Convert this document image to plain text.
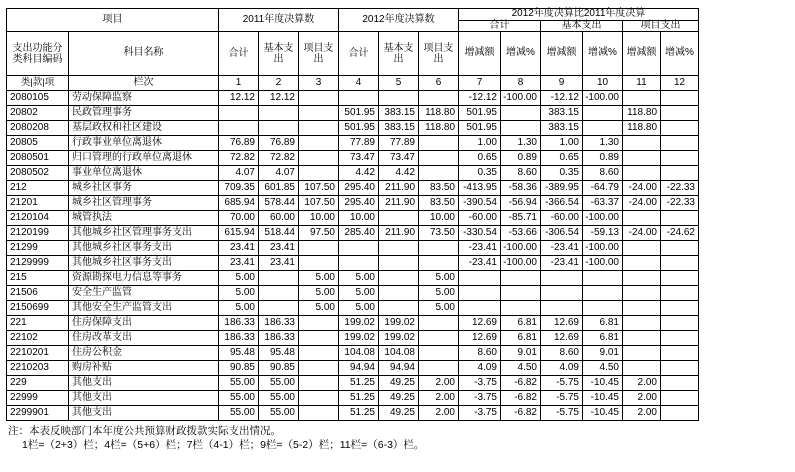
项目		2011年度决算数			2012年度决算数			2012年度决算比2011年度决算					
								合计		基本支出		项目支出	
支出功能分类科目编码	科目名称	合计	基本支出	项目支出	合计	基本支出	项目支出	增减额	增减%	增减额	增减%	增减额	增减%
类|款|项	栏次	1	2	3	4	5	6	7	8	9	10	11	12
2080105	劳动保障监察	12.12	12.12					-12.12	-100.00	-12.12	-100.00		
20802	民政管理事务				501.95	383.15	118.80	501.95		383.15		118.80	
2080208	基层政权和社区建设				501.95	383.15	118.80	501.95		383.15		118.80	
20805	行政事业单位离退休	76.89	76.89		77.89	77.89		1.00	1.30	1.00	1.30		
2080501	归口管理的行政单位离退休	72.82	72.82		73.47	73.47		0.65	0.89	0.65	0.89		
2080502	事业单位离退休	4.07	4.07		4.42	4.42		0.35	8.60	0.35	8.60		
212	城乡社区事务	709.35	601.85	107.50	295.40	211.90	83.50	-413.95	-58.36	-389.95	-64.79	-24.00	-22.33
21201	城乡社区管理事务	685.94	578.44	107.50	295.40	211.90	83.50	-390.54	-56.94	-366.54	-63.37	-24.00	-22.33
2120104	城管执法	70.00	60.00	10.00	10.00		10.00	-60.00	-85.71	-60.00	-100.00		
2120199	其他城乡社区管理事务支出	615.94	518.44	97.50	285.40	211.90	73.50	-330.54	-53.66	-306.54	-59.13	-24.00	-24.62
21299	其他城乡社区事务支出	23.41	23.41					-23.41	-100.00	-23.41	-100.00		
2129999	其他城乡社区事务支出	23.41	23.41					-23.41	-100.00	-23.41	-100.00		
215	资源勘探电力信息等事务	5.00		5.00	5.00		5.00						
21506	安全生产监管	5.00		5.00	5.00		5.00						
2150699	其他安全生产监管支出	5.00		5.00	5.00		5.00						
221	住房保障支出	186.33	186.33		199.02	199.02		12.69	6.81	12.69	6.81		
22102	住房改革支出	186.33	186.33		199.02	199.02		12.69	6.81	12.69	6.81		
2210201	住房公积金	95.48	95.48		104.08	104.08		8.60	9.01	8.60	9.01		
2210203	购房补贴	90.85	90.85		94.94	94.94		4.09	4.50	4.09	4.50		
229	其他支出	55.00	55.00		51.25	49.25	2.00	-3.75	-6.82	-5.75	-10.45	2.00	
22999	其他支出	55.00	55.00		51.25	49.25	2.00	-3.75	-6.82	-5.75	-10.45	2.00	
2299901	其他支出	55.00	55.00		51.25	49.25	2.00	-3.75	-6.82	-5.75	-10.45	2.00	
注：本表反映部门本年度公共预算财政拨款实际支出情况。
1栏=（2+3）栏；4栏=（5+6）栏；7栏（4-1）栏；9栏=（5-2）栏；11栏=（6-3）栏。
